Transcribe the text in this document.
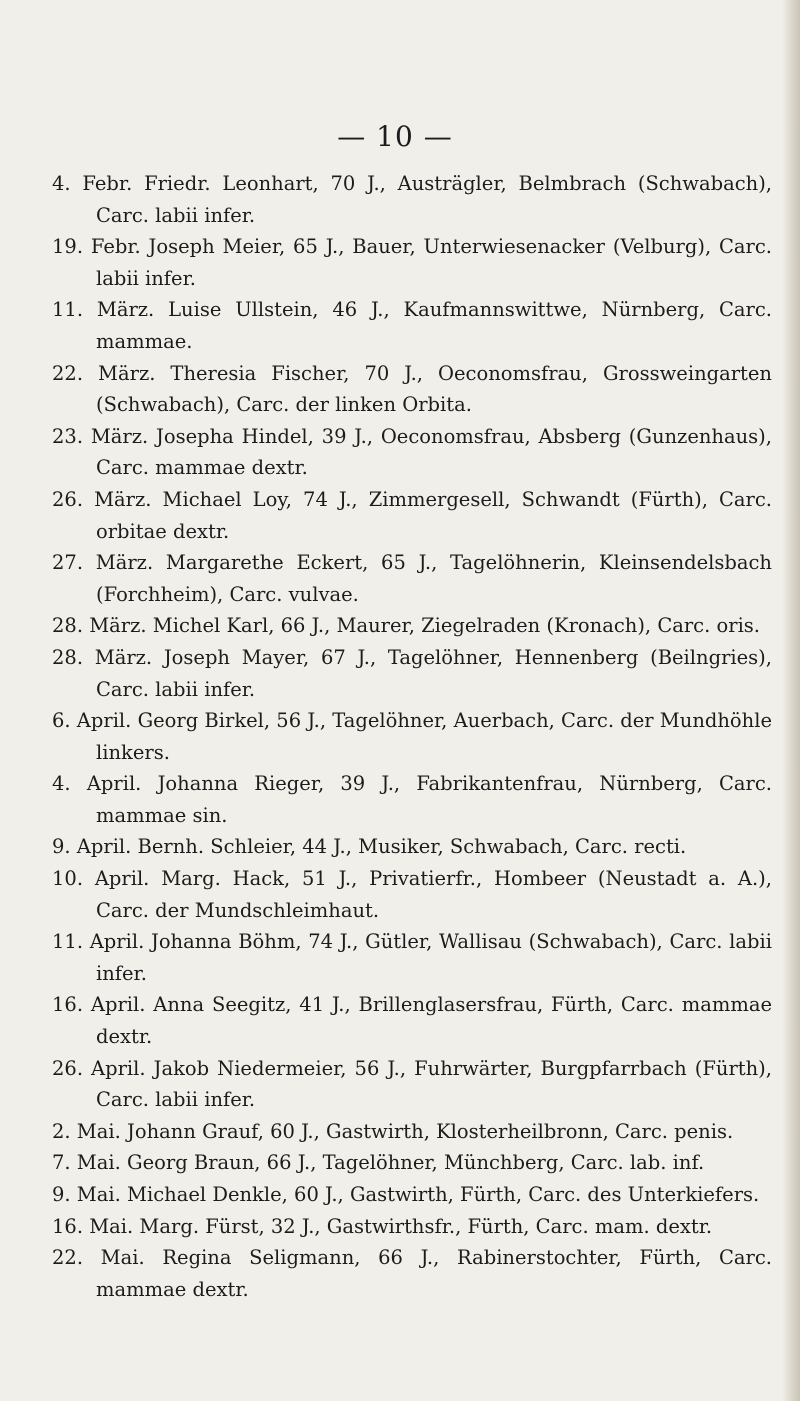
— 10 —
4. Febr. Friedr. Leonhart, 70 J., Austrägler, Belmbrach (Schwabach), Carc. labii infer.
19. Febr. Joseph Meier, 65 J., Bauer, Unterwiesenacker (Velburg), Carc. labii infer.
11. März. Luise Ullstein, 46 J., Kaufmannswittwe, Nürnberg, Carc. mammae.
22. März. Theresia Fischer, 70 J., Oeconomsfrau, Grossweingarten (Schwabach), Carc. der linken Orbita.
23. März. Josepha Hindel, 39 J., Oeconomsfrau, Absberg (Gunzenhaus), Carc. mammae dextr.
26. März. Michael Loy, 74 J., Zimmergesell, Schwandt (Fürth), Carc. orbitae dextr.
27. März. Margarethe Eckert, 65 J., Tagelöhnerin, Kleinsendelsbach (Forchheim), Carc. vulvae.
28. März. Michel Karl, 66 J., Maurer, Ziegelraden (Kronach), Carc. oris.
28. März. Joseph Mayer, 67 J., Tagelöhner, Hennenberg (Beilngries), Carc. labii infer.
6. April. Georg Birkel, 56 J., Tagelöhner, Auerbach, Carc. der Mundhöhle linkers.
4. April. Johanna Rieger, 39 J., Fabrikantenfrau, Nürnberg, Carc. mammae sin.
9. April. Bernh. Schleier, 44 J., Musiker, Schwabach, Carc. recti.
10. April. Marg. Hack, 51 J., Privatierfr., Hombeer (Neustadt a. A.), Carc. der Mundschleimhaut.
11. April. Johanna Böhm, 74 J., Gütler, Wallisau (Schwabach), Carc. labii infer.
16. April. Anna Seegitz, 41 J., Brillenglasersfrau, Fürth, Carc. mammae dextr.
26. April. Jakob Niedermeier, 56 J., Fuhrwärter, Burgpfarrbach (Fürth), Carc. labii infer.
2. Mai. Johann Grauf, 60 J., Gastwirth, Klosterheilbronn, Carc. penis.
7. Mai. Georg Braun, 66 J., Tagelöhner, Münchberg, Carc. lab. inf.
9. Mai. Michael Denkle, 60 J., Gastwirth, Fürth, Carc. des Unterkiefers.
16. Mai. Marg. Fürst, 32 J., Gastwirthsfr., Fürth, Carc. mam. dextr.
22. Mai. Regina Seligmann, 66 J., Rabinerstochter, Fürth, Carc. mammae dextr.
